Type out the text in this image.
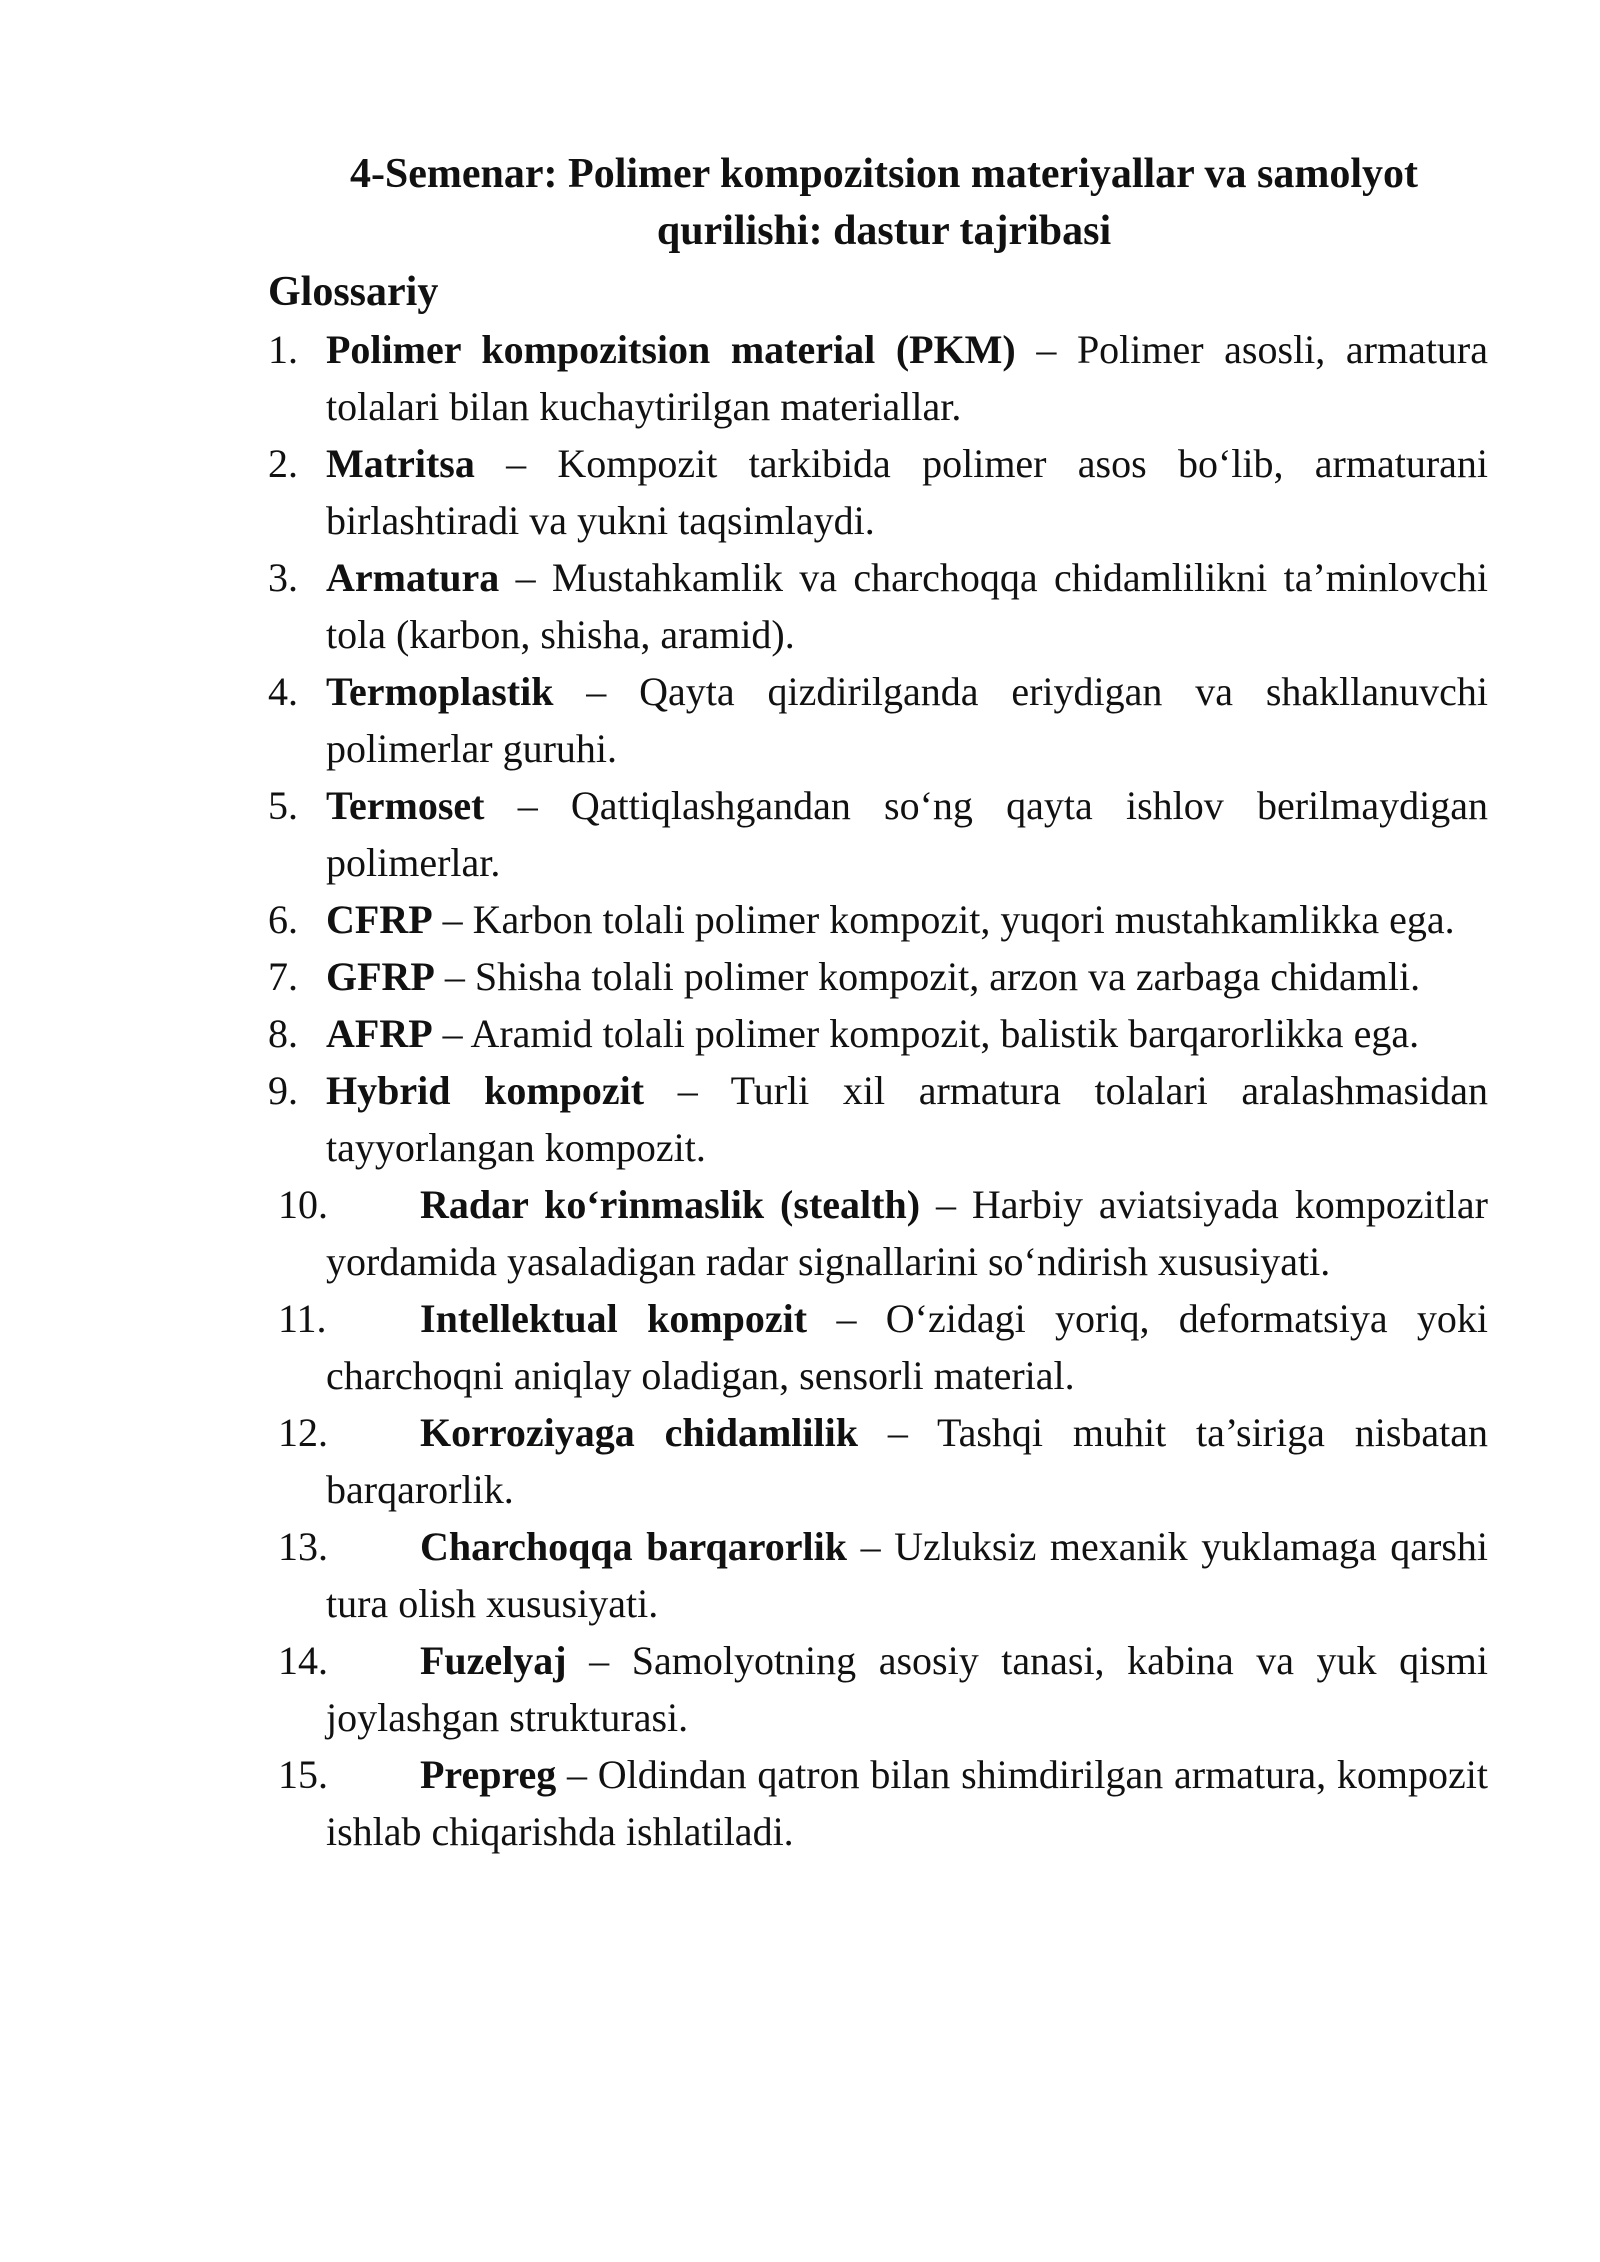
4-Semenar: Polimer kompozitsion materiyallar va samolyot
qurilishi: dastur tajribasi
Glossariy
1. Polimer kompozitsion material (PKM) – Polimer asosli, armatura tolalari bilan kuchaytirilgan materiallar.
2. Matritsa – Kompozit tarkibida polimer asos bo‘lib, armaturani birlashtiradi va yukni taqsimlaydi.
3. Armatura – Mustahkamlik va charchoqqa chidamlilikni ta’minlovchi tola (karbon, shisha, aramid).
4. Termoplastik – Qayta qizdirilganda eriydigan va shakllanuvchi polimerlar guruhi.
5. Termoset – Qattiqlashgandan so‘ng qayta ishlov berilmaydigan polimerlar.
6. CFRP – Karbon tolali polimer kompozit, yuqori mustahkamlikka ega.
7. GFRP – Shisha tolali polimer kompozit, arzon va zarbaga chidamli.
8. AFRP – Aramid tolali polimer kompozit, balistik barqarorlikka ega.
9. Hybrid kompozit – Turli xil armatura tolalari aralashmasidan tayyorlangan kompozit.
10. Radar ko‘rinmaslik (stealth) – Harbiy aviatsiyada kompozitlar yordamida yasaladigan radar signallarini so‘ndirish xususiyati.
11. Intellektual kompozit – O‘zidagi yoriq, deformatsiya yoki charchoqni aniqlay oladigan, sensorli material.
12. Korroziyaga chidamlilik – Tashqi muhit ta’siriga nisbatan barqarorlik.
13. Charchoqqa barqarorlik – Uzluksiz mexanik yuklamaga qarshi tura olish xususiyati.
14. Fuzelyaj – Samolyotning asosiy tanasi, kabina va yuk qismi joylashgan strukturasi.
15. Prepreg – Oldindan qatron bilan shimdirilgan armatura, kompozit ishlab chiqarishda ishlatiladi.
